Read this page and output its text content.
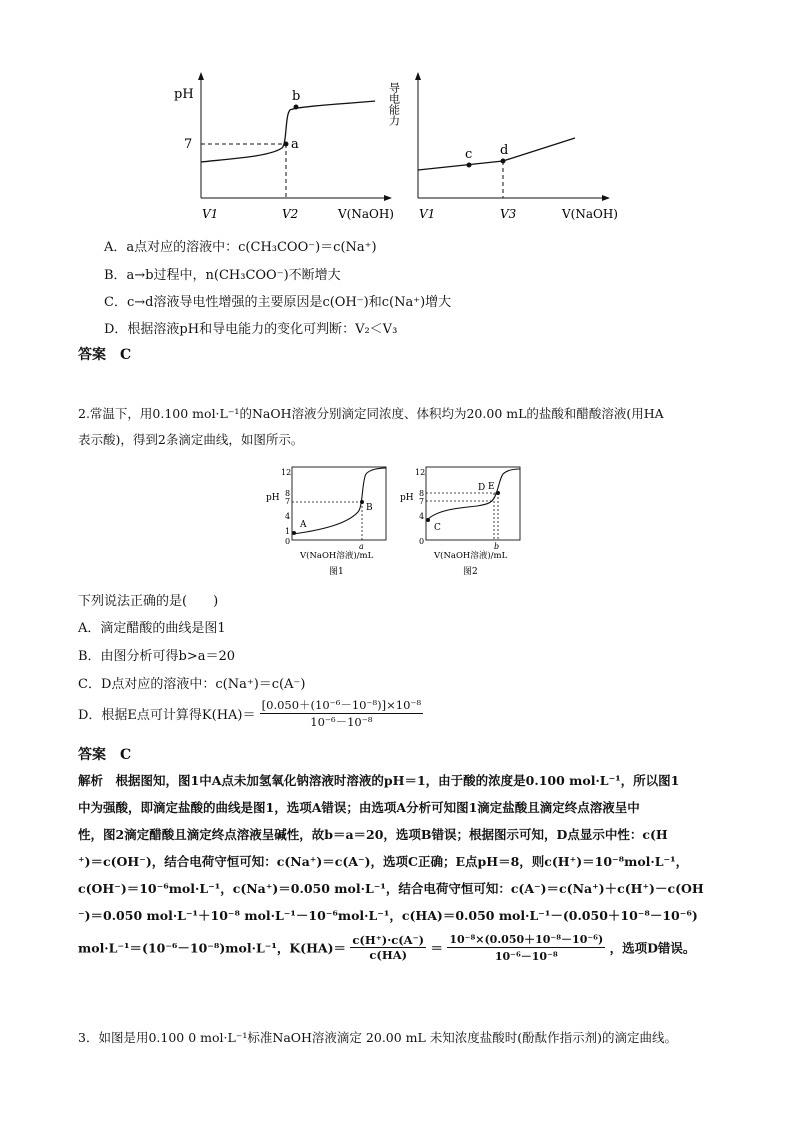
pH
7	a
b
V1	V2	V(NaOH)
导电能力
c d
V1	V3	V(NaOH)
A．a点对应的溶液中：c(CH₃COO⁻)＝c(Na⁺)
B．a→b过程中，n(CH₃COO⁻)不断增大
C．c→d溶液导电性增强的主要原因是c(OH⁻)和c(Na⁺)增大
D．根据溶液pH和导电能力的变化可判断：V₂＜V₃
答案　C
2.常温下，用0.100 mol·L⁻¹的NaOH溶液分别滴定同浓度、体积均为20.00 mL的盐酸和醋酸溶液(用HA
表示酸)，得到2条滴定曲线，如图所示。
pH
12
8
7
4
1
0
B
A
a
V(NaOH溶液)/mL
图1
pH
12
8
7
4
0
D E
C
b
V(NaOH溶液)/mL
图2
下列说法正确的是(　　)
A．滴定醋酸的曲线是图1
B．由图分析可得b>a＝20
C．D点对应的溶液中：c(Na⁺)＝c(A⁻)
D．根据E点可计算得$K(HA)= \frac{\text{[0.050＋(10⁻⁶－10⁻⁸)]×10⁻⁸}}{\text{10⁻⁶－10⁻⁸}}$
答案　C
解析　根据图知，图1中A点未加氢氧化钠溶液时溶液的pH＝1，由于酸的浓度是0.100 mol·L⁻¹，所以图1
中为强酸，即滴定盐酸的曲线是图1，选项A错误；由选项A分析可知图1滴定盐酸且滴定终点溶液呈中
性，图2滴定醋酸且滴定终点溶液呈碱性，故b＝a＝20，选项B错误；根据图示可知，D点显示中性：c(H
⁺)＝c(OH⁻)，结合电荷守恒可知：c(Na⁺)＝c(A⁻)，选项C正确；E点pH＝8，则c(H⁺)＝10⁻⁸mol·L⁻¹，
c(OH⁻)＝10⁻⁶mol·L⁻¹，c(Na⁺)＝0.050 mol·L⁻¹，结合电荷守恒可知：c(A⁻)＝c(Na⁺)＋c(H⁺)－c(OH
⁻)＝0.050 mol·L⁻¹＋10⁻⁸ mol·L⁻¹－10⁻⁶mol·L⁻¹，c(HA)＝0.050 mol·L⁻¹－(0.050＋10⁻⁸－10⁻⁶)
mol·L⁻¹＝(10⁻⁶－10⁻⁸)mol·L⁻¹，$K(HA)= \frac{c(H^+)\cdot c(A^-)}{c(HA)} = \frac{\text{10⁻⁸×(0.050＋10⁻⁸－10⁻⁶)}}{\text{10⁻⁶－10⁻⁸}}$ ，选项D错误。
3．如图是用0.100 0 mol·L⁻¹标准NaOH溶液滴定 20.00 mL 未知浓度盐酸时(酚酞作指示剂)的滴定曲线。
